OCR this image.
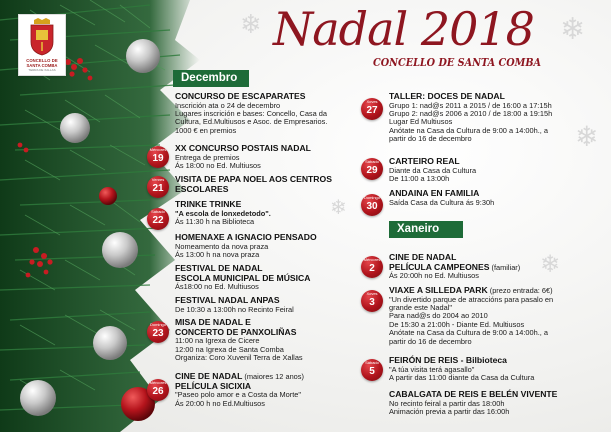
❄
❄
❄
❄
❄
CONCELLO DE
SANTA COMBA
TERRA DE XALLAS
Nadal 2018
CONCELLO DE SANTA COMBA
Decembro
Xaneiro
CONCURSO DE ESCAPARATES
Inscrición ata o 24 de decembro
Lugares inscrición e bases: Concello, Casa da
Cultura, Ed.Multiusos e Asoc. de Empresarios.
1000 € en premios
Mércores
19
XX CONCURSO POSTAIS NADAL
Entrega de premios
Ás 18:00 no Ed. Multiusos
Venres
21
VISITA DE PAPA NOEL AOS CENTROS
ESCOLARES
Sábado
22
TRINKE TRINKE
"A escola de lonxedetodo".
Ás 11:30 h na Biblioteca
HOMENAXE A IGNACIO PENSADO
Nomeamento da nova praza
Ás 13:00 h na nova praza
FESTIVAL DE NADAL
ESCOLA MUNICIPAL DE MÚSICA
Ás18:00 no Ed. Multiusos
FESTIVAL NADAL ANPAS
De 10:30 a 13:00h no Recinto Feiral
Domingo
23
MISA DE NADAL E
CONCERTO DE PANXOLIÑAS
11:00 na Igrexa de Cicere
12:00 na Igrexa de Santa Comba
Organiza: Coro Xuvenil Terra de Xallas
Mércores
26
CINE DE NADAL (maiores 12 anos)
PELÍCULA SICIXIA
"Paseo polo amor e a Costa da Morte"
Ás 20:00 h no Ed.Multiusos
Xoves
27
TALLER: DOCES DE NADAL
Grupo 1: nad@s 2011 a 2015 / de 16:00 a 17:15h
Grupo 2: nad@s 2006 a 2010 / de 18:00 a 19:15h
Lugar Ed Multiusos
Anótate na Casa da Cultura de 9:00 a 14:00h., a
partir do 16 de decembro
Sábado
29
CARTEIRO REAL
Diante da Casa da Cultura
De 11:00 a 13:00h
Domingo
30
ANDAINA EN FAMILIA
Saída Casa da Cultura ás 9:30h
Mércores
2
CINE DE NADAL
PELÍCULA CAMPEONES (familiar)
Ás 20:00h no Ed. Multiusos
Xoves
3
VIAXE A SILLEDA PARK (prezo entrada: 6€)
"Un divertido parque de atraccións para pasalo en
grande este Nadal"
Para nad@s do 2004 ao 2010
De 15:30 a 21:00h - Diante Ed. Multiusos
Anótate na Casa da Cultura de 9:00 a 14:00h., a
partir do 16 de decembro
Sábado
5
FEIRÓN DE REIS - Bilbioteca
"A túa visita terá agasallo"
A partir das 11:00 diante da Casa da Cultura
CABALGATA DE REIS E BELÉN VIVENTE
No recinto feiral a partir das 18:00h
Animación previa a partir das 16:00h
